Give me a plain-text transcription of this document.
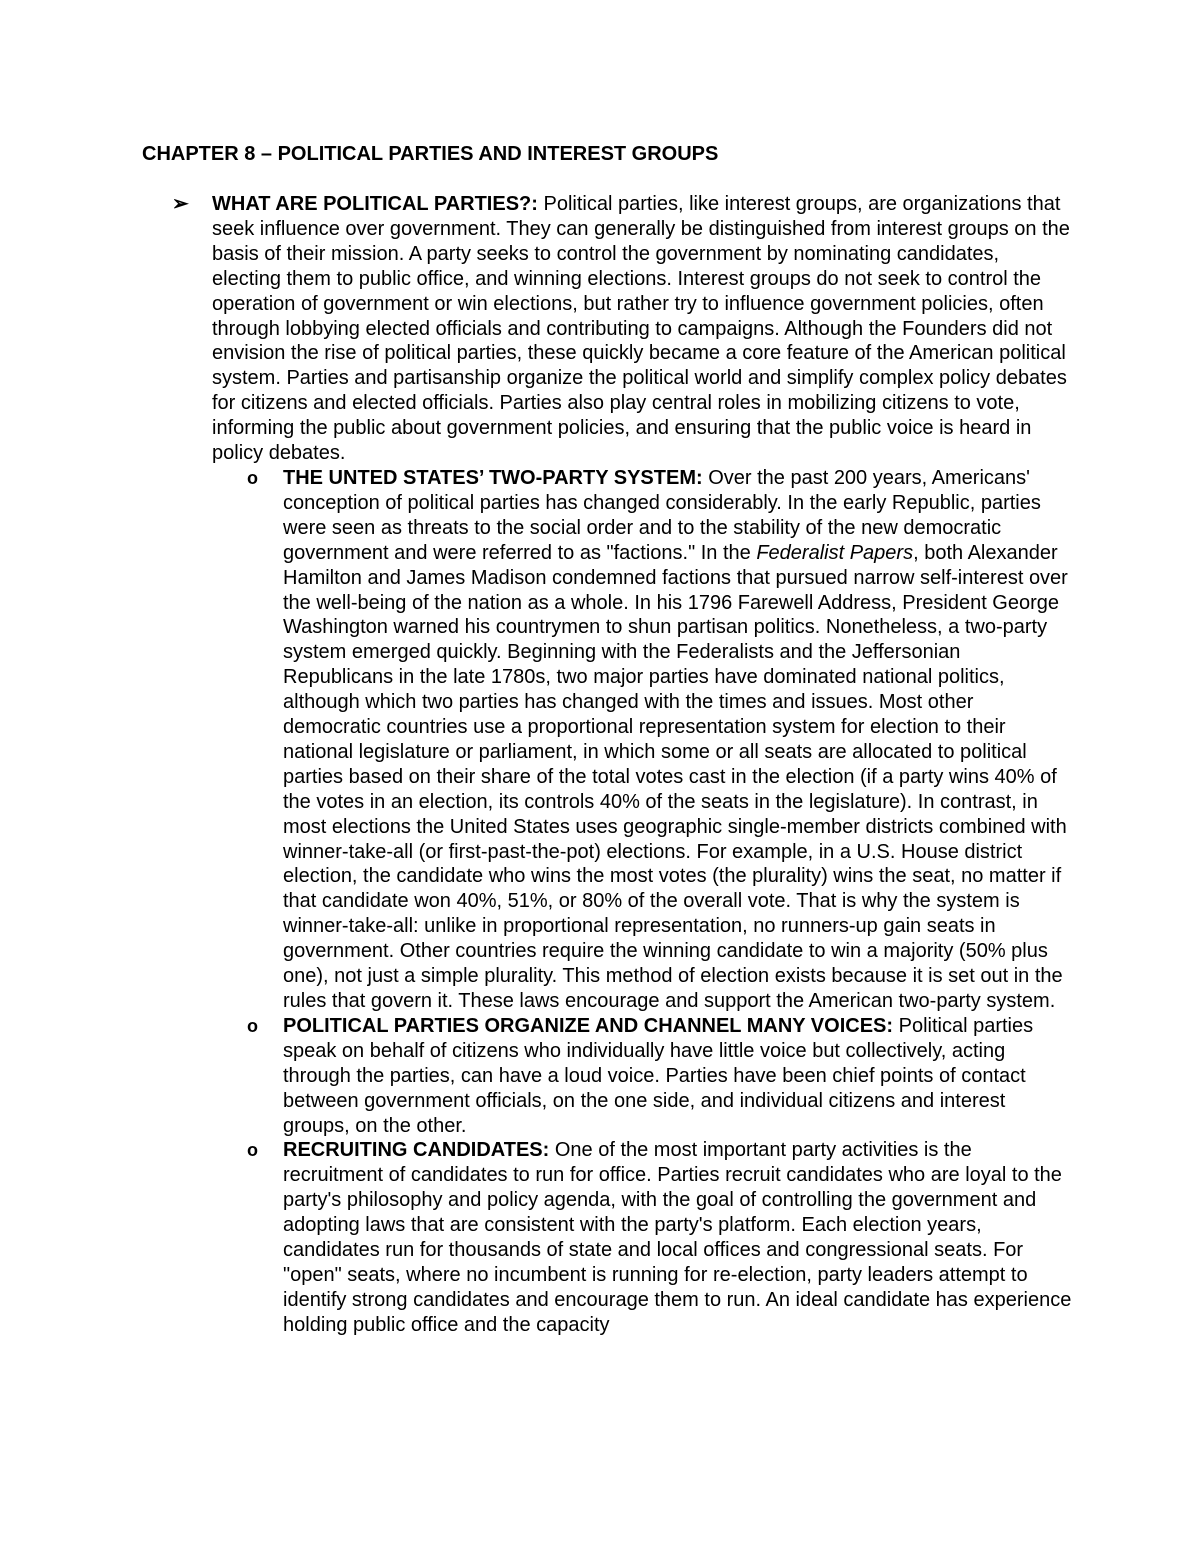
CHAPTER 8 – POLITICAL PARTIES AND INTEREST GROUPS
➢ WHAT ARE POLITICAL PARTIES?: Political parties, like interest groups, are organizations that seek influence over government. They can generally be distinguished from interest groups on the basis of their mission. A party seeks to control the government by nominating candidates, electing them to public office, and winning elections. Interest groups do not seek to control the operation of government or win elections, but rather try to influence government policies, often through lobbying elected officials and contributing to campaigns. Although the Founders did not envision the rise of political parties, these quickly became a core feature of the American political system. Parties and partisanship organize the political world and simplify complex policy debates for citizens and elected officials. Parties also play central roles in mobilizing citizens to vote, informing the public about government policies, and ensuring that the public voice is heard in policy debates.

o THE UNTED STATES’ TWO-PARTY SYSTEM: Over the past 200 years, Americans' conception of political parties has changed considerably. In the early Republic, parties were seen as threats to the social order and to the stability of the new democratic government and were referred to as "factions." In the Federalist Papers, both Alexander Hamilton and James Madison condemned factions that pursued narrow self-interest over the well-being of the nation as a whole. In his 1796 Farewell Address, President George Washington warned his countrymen to shun partisan politics. Nonetheless, a two-party system emerged quickly. Beginning with the Federalists and the Jeffersonian Republicans in the late 1780s, two major parties have dominated national politics, although which two parties has changed with the times and issues. Most other democratic countries use a proportional representation system for election to their national legislature or parliament, in which some or all seats are allocated to political parties based on their share of the total votes cast in the election (if a party wins 40% of the votes in an election, its controls 40% of the seats in the legislature). In contrast, in most elections the United States uses geographic single-member districts combined with winner-take-all (or first-past-the-pot) elections. For example, in a U.S. House district election, the candidate who wins the most votes (the plurality) wins the seat, no matter if that candidate won 40%, 51%, or 80% of the overall vote. That is why the system is winner-take-all: unlike in proportional representation, no runners-up gain seats in government. Other countries require the winning candidate to win a majority (50% plus one), not just a simple plurality. This method of election exists because it is set out in the rules that govern it. These laws encourage and support the American two-party system.

o POLITICAL PARTIES ORGANIZE AND CHANNEL MANY VOICES: Political parties speak on behalf of citizens who individually have little voice but collectively, acting through the parties, can have a loud voice. Parties have been chief points of contact between government officials, on the one side, and individual citizens and interest groups, on the other.

o RECRUITING CANDIDATES: One of the most important party activities is the recruitment of candidates to run for office. Parties recruit candidates who are loyal to the party's philosophy and policy agenda, with the goal of controlling the government and adopting laws that are consistent with the party's platform. Each election years, candidates run for thousands of state and local offices and congressional seats. For "open" seats, where no incumbent is running for re-election, party leaders attempt to identify strong candidates and encourage them to run. An ideal candidate has experience holding public office and the capacity
